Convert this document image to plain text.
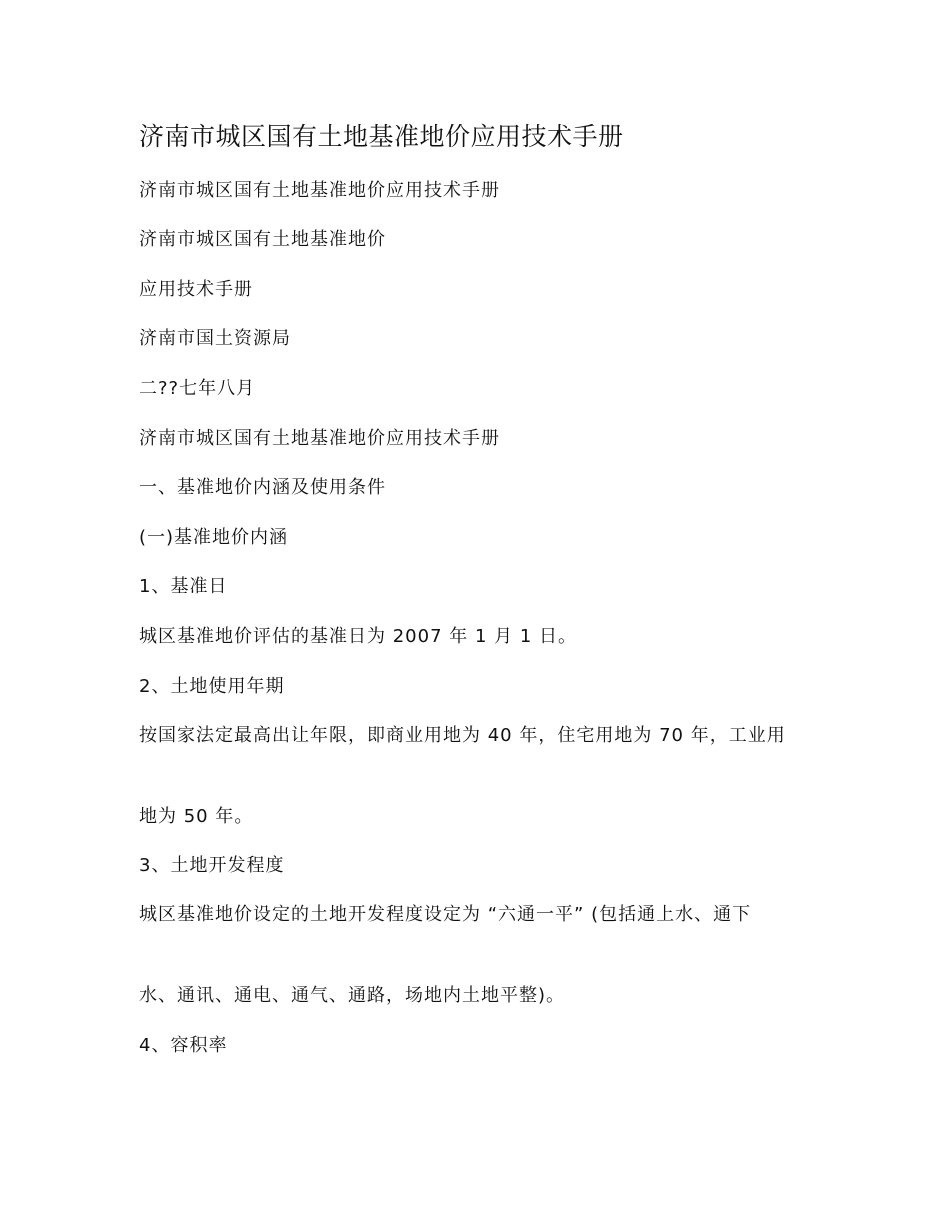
济南市城区国有土地基准地价应用技术手册
济南市城区国有土地基准地价应用技术手册
济南市城区国有土地基准地价
应用技术手册
济南市国土资源局
二??七年八月
济南市城区国有土地基准地价应用技术手册
一、基准地价内涵及使用条件
(一)基准地价内涵
1、基准日
城区基准地价评估的基准日为 2007 年 1 月 1 日。
2、土地使用年期
按国家法定最高出让年限，即商业用地为 40 年，住宅用地为 70 年，工业用
地为 50 年。
3、土地开发程度
城区基准地价设定的土地开发程度设定为 “六通一平” (包括通上水、通下
水、通讯、通电、通气、通路，场地内土地平整)。
4、容积率
